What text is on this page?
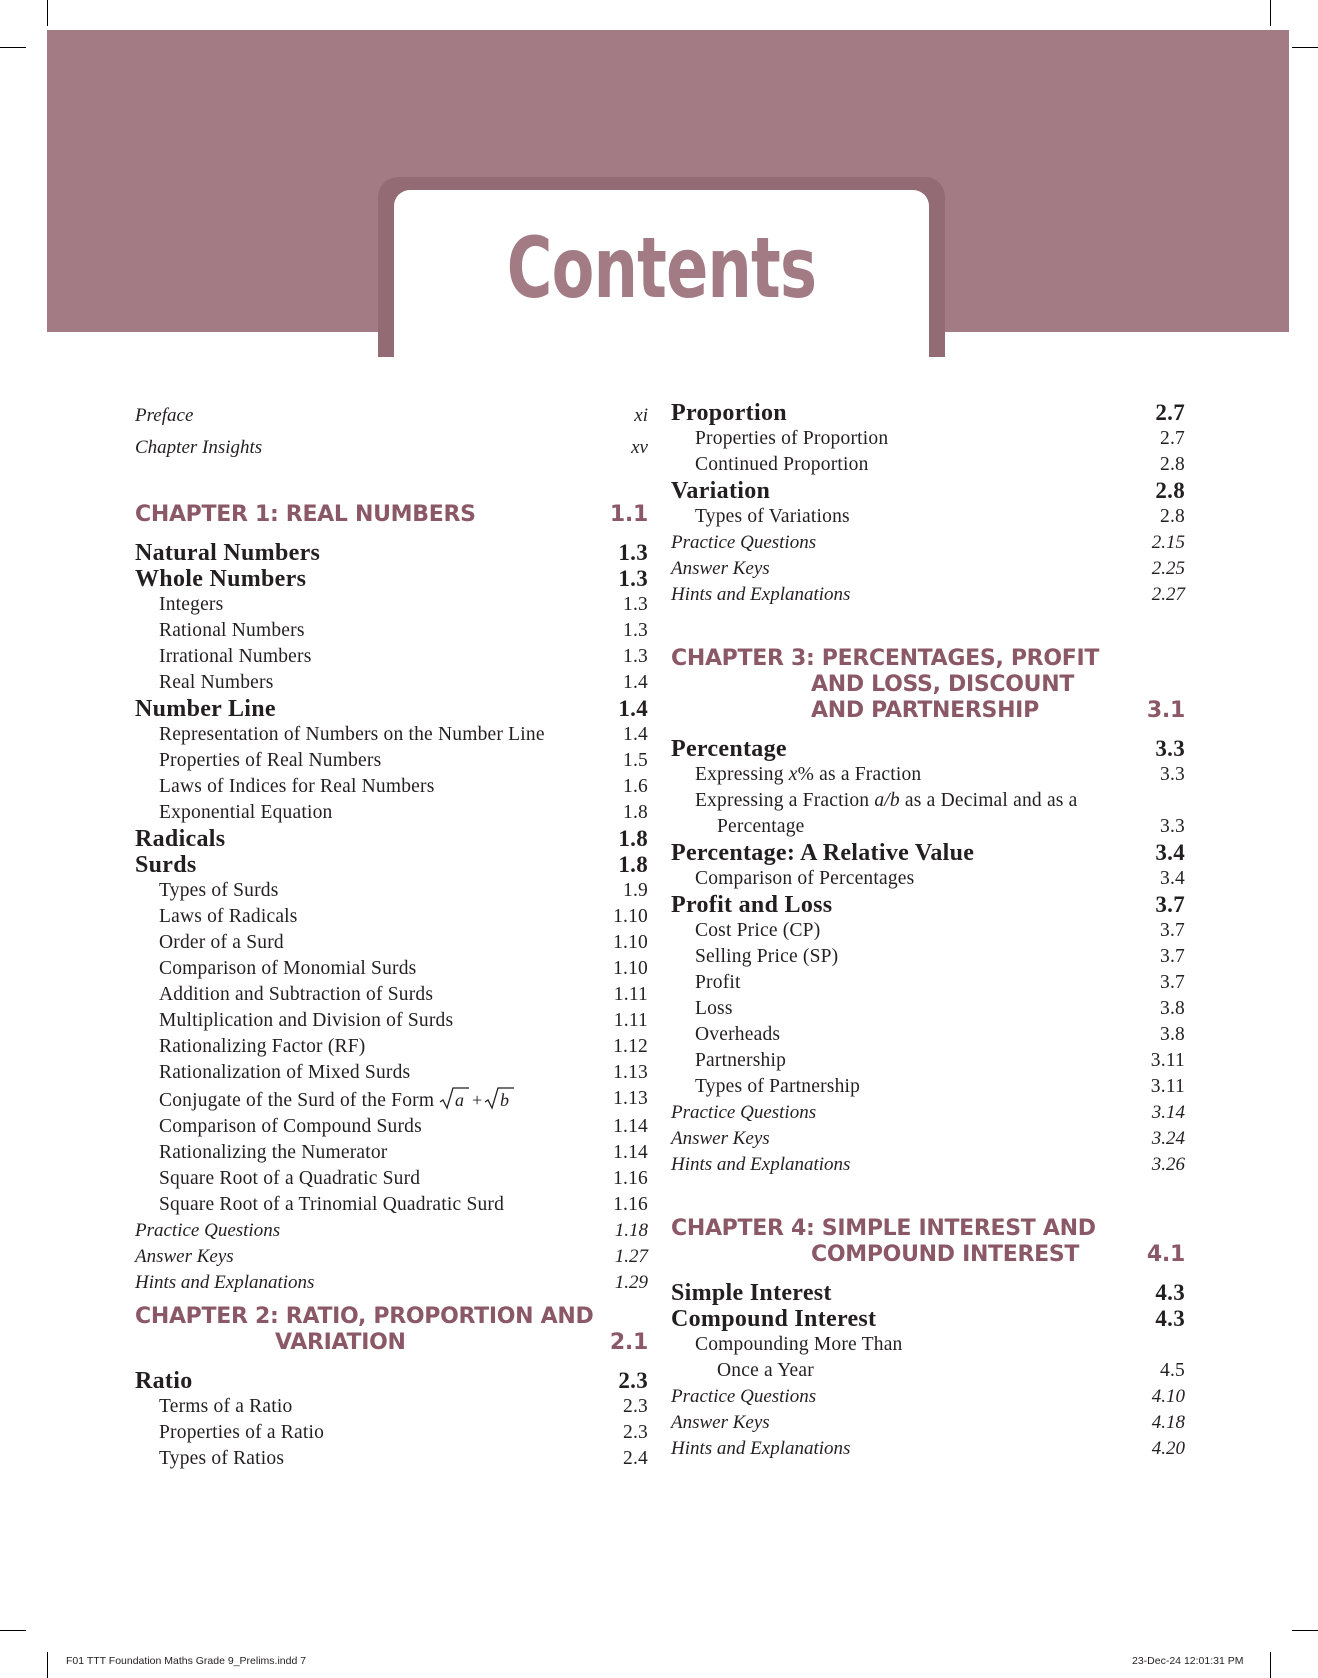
Contents
Preface	xi
Chapter Insights	xv
CHAPTER 1: REAL NUMBERS	1.1
Natural Numbers	1.3
Whole Numbers	1.3
Integers	1.3
Rational Numbers	1.3
Irrational Numbers	1.3
Real Numbers	1.4
Number Line	1.4
Representation of Numbers on the Number Line	1.4
Properties of Real Numbers	1.5
Laws of Indices for Real Numbers	1.6
Exponential Equation	1.8
Radicals	1.8
Surds	1.8
Types of Surds	1.9
Laws of Radicals	1.10
Order of a Surd	1.10
Comparison of Monomial Surds	1.10
Addition and Subtraction of Surds	1.11
Multiplication and Division of Surds	1.11
Rationalizing Factor (RF)	1.12
Rationalization of Mixed Surds	1.13
Conjugate of the Surd of the Form a + b	1.13
Comparison of Compound Surds	1.14
Rationalizing the Numerator	1.14
Square Root of a Quadratic Surd	1.16
Square Root of a Trinomial Quadratic Surd	1.16
Practice Questions	1.18
Answer Keys	1.27
Hints and Explanations	1.29
CHAPTER 2: RATIO, PROPORTION AND
VARIATION	2.1
Ratio	2.3
Terms of a Ratio	2.3
Properties of a Ratio	2.3
Types of Ratios	2.4
Proportion	2.7
Properties of Proportion	2.7
Continued Proportion	2.8
Variation	2.8
Types of Variations	2.8
Practice Questions	2.15
Answer Keys	2.25
Hints and Explanations	2.27
CHAPTER 3: PERCENTAGES, PROFIT
AND LOSS, DISCOUNT
AND PARTNERSHIP	3.1
Percentage	3.3
Expressing x% as a Fraction	3.3
Expressing a Fraction a/b as a Decimal and as a
Percentage	3.3
Percentage: A Relative Value	3.4
Comparison of Percentages	3.4
Profit and Loss	3.7
Cost Price (CP)	3.7
Selling Price (SP)	3.7
Profit	3.7
Loss	3.8
Overheads	3.8
Partnership	3.11
Types of Partnership	3.11
Practice Questions	3.14
Answer Keys	3.24
Hints and Explanations	3.26
CHAPTER 4: SIMPLE INTEREST AND
COMPOUND INTEREST	4.1
Simple Interest	4.3
Compound Interest	4.3
Compounding More Than
Once a Year	4.5
Practice Questions	4.10
Answer Keys	4.18
Hints and Explanations	4.20
F01 TTT Foundation Maths Grade 9_Prelims.indd 7	23-Dec-24 12:01:31 PM
